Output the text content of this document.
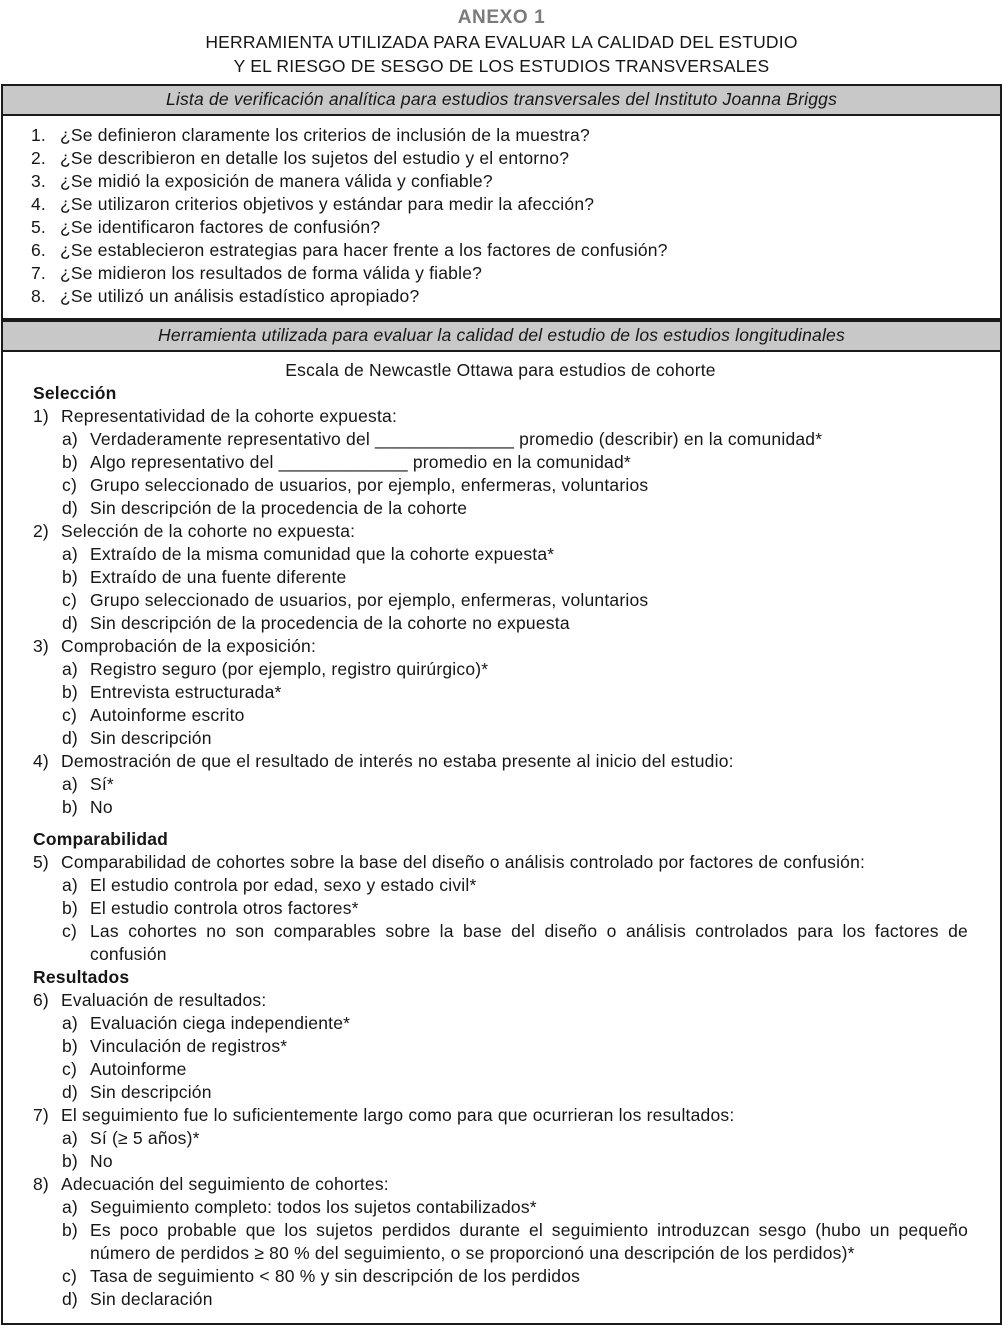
ANEXO 1
HERRAMIENTA UTILIZADA PARA EVALUAR LA CALIDAD DEL ESTUDIO
Y EL RIESGO DE SESGO DE LOS ESTUDIOS TRANSVERSALES
Lista de verificación analítica para estudios transversales del Instituto Joanna Briggs
1. ¿Se definieron claramente los criterios de inclusión de la muestra?
2. ¿Se describieron en detalle los sujetos del estudio y el entorno?
3. ¿Se midió la exposición de manera válida y confiable?
4. ¿Se utilizaron criterios objetivos y estándar para medir la afección?
5. ¿Se identificaron factores de confusión?
6. ¿Se establecieron estrategias para hacer frente a los factores de confusión?
7. ¿Se midieron los resultados de forma válida y fiable?
8. ¿Se utilizó un análisis estadístico apropiado?
Herramienta utilizada para evaluar la calidad del estudio de los estudios longitudinales
Escala de Newcastle Ottawa para estudios de cohorte
Selección
1) Representatividad de la cohorte expuesta:
a) Verdaderamente representativo del ______________ promedio (describir) en la comunidad*
b) Algo representativo del _____________ promedio en la comunidad*
c) Grupo seleccionado de usuarios, por ejemplo, enfermeras, voluntarios
d) Sin descripción de la procedencia de la cohorte
2) Selección de la cohorte no expuesta:
a) Extraído de la misma comunidad que la cohorte expuesta*
b) Extraído de una fuente diferente
c) Grupo seleccionado de usuarios, por ejemplo, enfermeras, voluntarios
d) Sin descripción de la procedencia de la cohorte no expuesta
3) Comprobación de la exposición:
a) Registro seguro (por ejemplo, registro quirúrgico)*
b) Entrevista estructurada*
c) Autoinforme escrito
d) Sin descripción
4) Demostración de que el resultado de interés no estaba presente al inicio del estudio:
a) Sí*
b) No
Comparabilidad
5) Comparabilidad de cohortes sobre la base del diseño o análisis controlado por factores de confusión:
a) El estudio controla por edad, sexo y estado civil*
b) El estudio controla otros factores*
c) Las cohortes no son comparables sobre la base del diseño o análisis controlados para los factores de confusión
Resultados
6) Evaluación de resultados:
a) Evaluación ciega independiente*
b) Vinculación de registros*
c) Autoinforme
d) Sin descripción
7) El seguimiento fue lo suficientemente largo como para que ocurrieran los resultados:
a) Sí (≥ 5 años)*
b) No
8) Adecuación del seguimiento de cohortes:
a) Seguimiento completo: todos los sujetos contabilizados*
b) Es poco probable que los sujetos perdidos durante el seguimiento introduzcan sesgo (hubo un pequeño número de perdidos ≥ 80 % del seguimiento, o se proporcionó una descripción de los perdidos)*
c) Tasa de seguimiento < 80 % y sin descripción de los perdidos
d) Sin declaración
